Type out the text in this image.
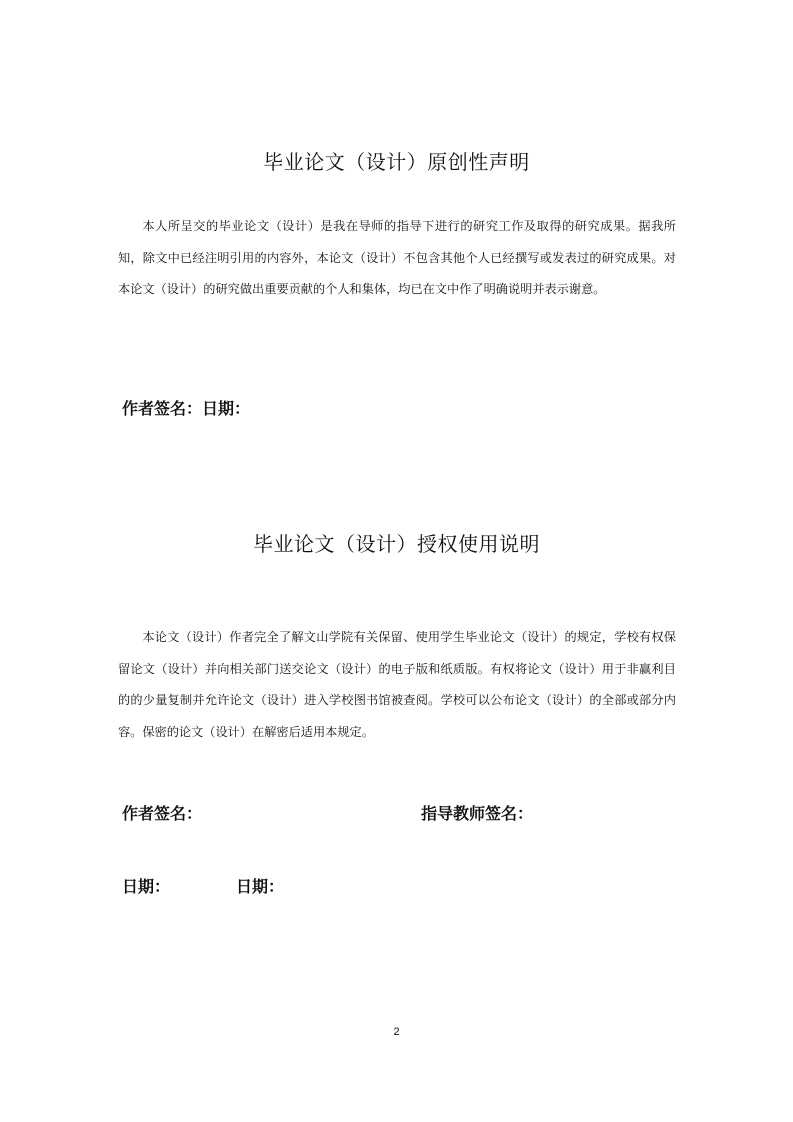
毕业论文（设计）原创性声明

本人所呈交的毕业论文（设计）是我在导师的指导下进行的研究工作及取得的研究成果。据我所知，除文中已经注明引用的内容外，本论文（设计）不包含其他个人已经撰写或发表过的研究成果。对本论文（设计）的研究做出重要贡献的个人和集体，均已在文中作了明确说明并表示谢意。

作者签名：日期：
毕业论文（设计）授权使用说明

本论文（设计）作者完全了解文山学院有关保留、使用学生毕业论文（设计）的规定，学校有权保留论文（设计）并向相关部门送交论文（设计）的电子版和纸质版。有权将论文（设计）用于非赢利目的的少量复制并允许论文（设计）进入学校图书馆被查阅。学校可以公布论文（设计）的全部或部分内容。保密的论文（设计）在解密后适用本规定。

作者签名：	指导教师签名：
日期：	日期：
2
